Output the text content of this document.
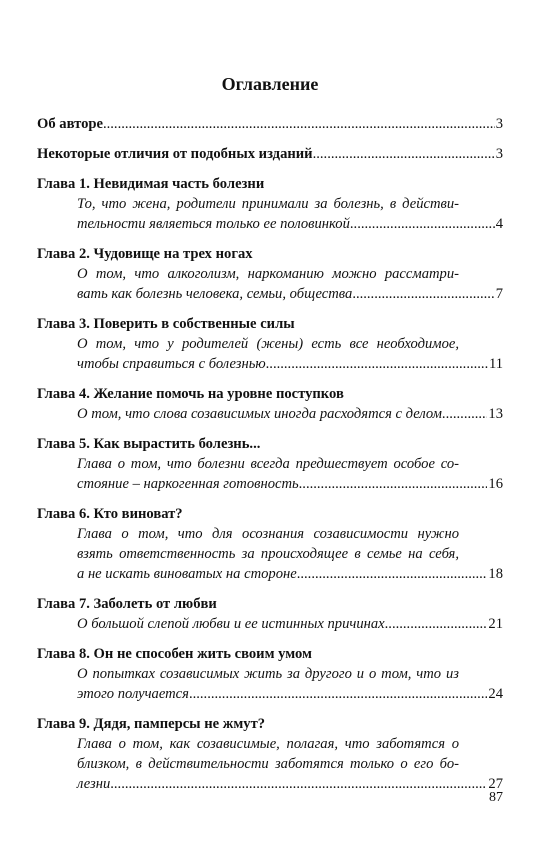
Оглавление
Об авторе .....	3
Некоторые отличия от подобных изданий .....	3
Глава 1. Невидимая часть болезни
То, что жена, родители принимали за болезнь, в действи-
тельности являеться только ее половинкой .....	4
Глава 2. Чудовище на трех ногах
О том, что алкоголизм, наркоманию можно рассматри-
вать как болезнь человека, семьи, общества .....	7
Глава 3. Поверить в собственные силы
О том, что у родителей (жены) есть все необходимое,
чтобы справиться с болезнью .....	11
Глава 4. Желание помочь на уровне поступков
О том, что слова созависимых иногда расходятся с делом .....	13
Глава 5. Как вырастить болезнь...
Глава о том, что болезни всегда предшествует особое со-
стояние – наркогенная готовность .....	16
Глава 6. Кто виноват?
Глава о том, что для осознания созависимости нужно
взять ответственность за происходящее в семье на себя,
а не искать виноватых на стороне .....	18
Глава 7. Заболеть от любви
О большой слепой любви и ее истинных причинах .....	21
Глава 8. Он не способен жить своим умом
О попытках созависимых жить за другого и о том, что из
этого получается .....	24
Глава 9. Дядя, памперсы не жмут?
Глава о том, как созависимые, полагая, что заботятся о
близком, в действительности заботятся только о его бо-
лезни .....	27
87
